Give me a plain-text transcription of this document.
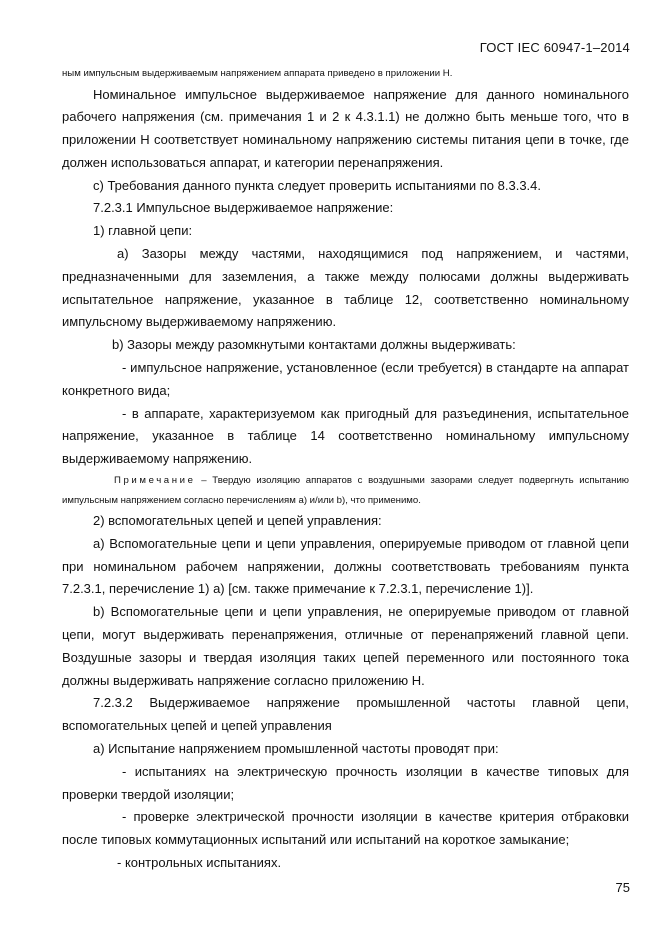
ГОСТ IEC 60947-1–2014

ным импульсным выдерживаемым напряжением аппарата приведено в приложении Н.

Номинальное импульсное выдерживаемое напряжение для данного номинального рабочего напряжения (см. примечания 1 и 2 к 4.3.1.1) не должно быть меньше того, что в приложении Н соответствует номинальному напряжению системы питания цепи в точке, где должен использоваться аппарат, и категории перенапряжения.

с) Требования данного пункта следует проверить испытаниями по 8.3.3.4.

7.2.3.1 Импульсное выдерживаемое напряжение:

1) главной цепи:

а) Зазоры между частями, находящимися под напряжением, и частями, предназначенными для заземления, а также между полюсами должны выдерживать испытательное напряжение, указанное в таблице 12, соответственно номинальному импульсному выдерживаемому напряжению.

b) Зазоры между разомкнутыми контактами должны выдерживать:

- импульсное напряжение, установленное (если требуется) в стандарте на аппарат конкретного вида;

- в аппарате, характеризуемом как пригодный для разъединения, испытательное напряжение, указанное в таблице 14 соответственно номинальному импульсному выдерживаемому напряжению.

Примечание – Твердую изоляцию аппаратов с воздушными зазорами следует подвергнуть испытанию импульсным напряжением согласно перечислениям а) и/или b), что применимо.

2) вспомогательных цепей и цепей управления:

а) Вспомогательные цепи и цепи управления, оперируемые приводом от главной цепи при номинальном рабочем напряжении, должны соответствовать требованиям пункта 7.2.3.1, перечисление 1) а) [см. также примечание к 7.2.3.1, перечисление 1)].

b) Вспомогательные цепи и цепи управления, не оперируемые приводом от главной цепи, могут выдерживать перенапряжения, отличные от перенапряжений главной цепи. Воздушные зазоры и твердая изоляция таких цепей переменного или постоянного тока должны выдерживать напряжение согласно приложению Н.

7.2.3.2 Выдерживаемое напряжение промышленной частоты главной цепи, вспомогательных цепей и цепей управления

а) Испытание напряжением промышленной частоты проводят при:

- испытаниях на электрическую прочность изоляции в качестве типовых для проверки твердой изоляции;

- проверке электрической прочности изоляции в качестве критерия отбраковки после типовых коммутационных испытаний или испытаний на короткое замыкание;

- контрольных испытаниях.

75
